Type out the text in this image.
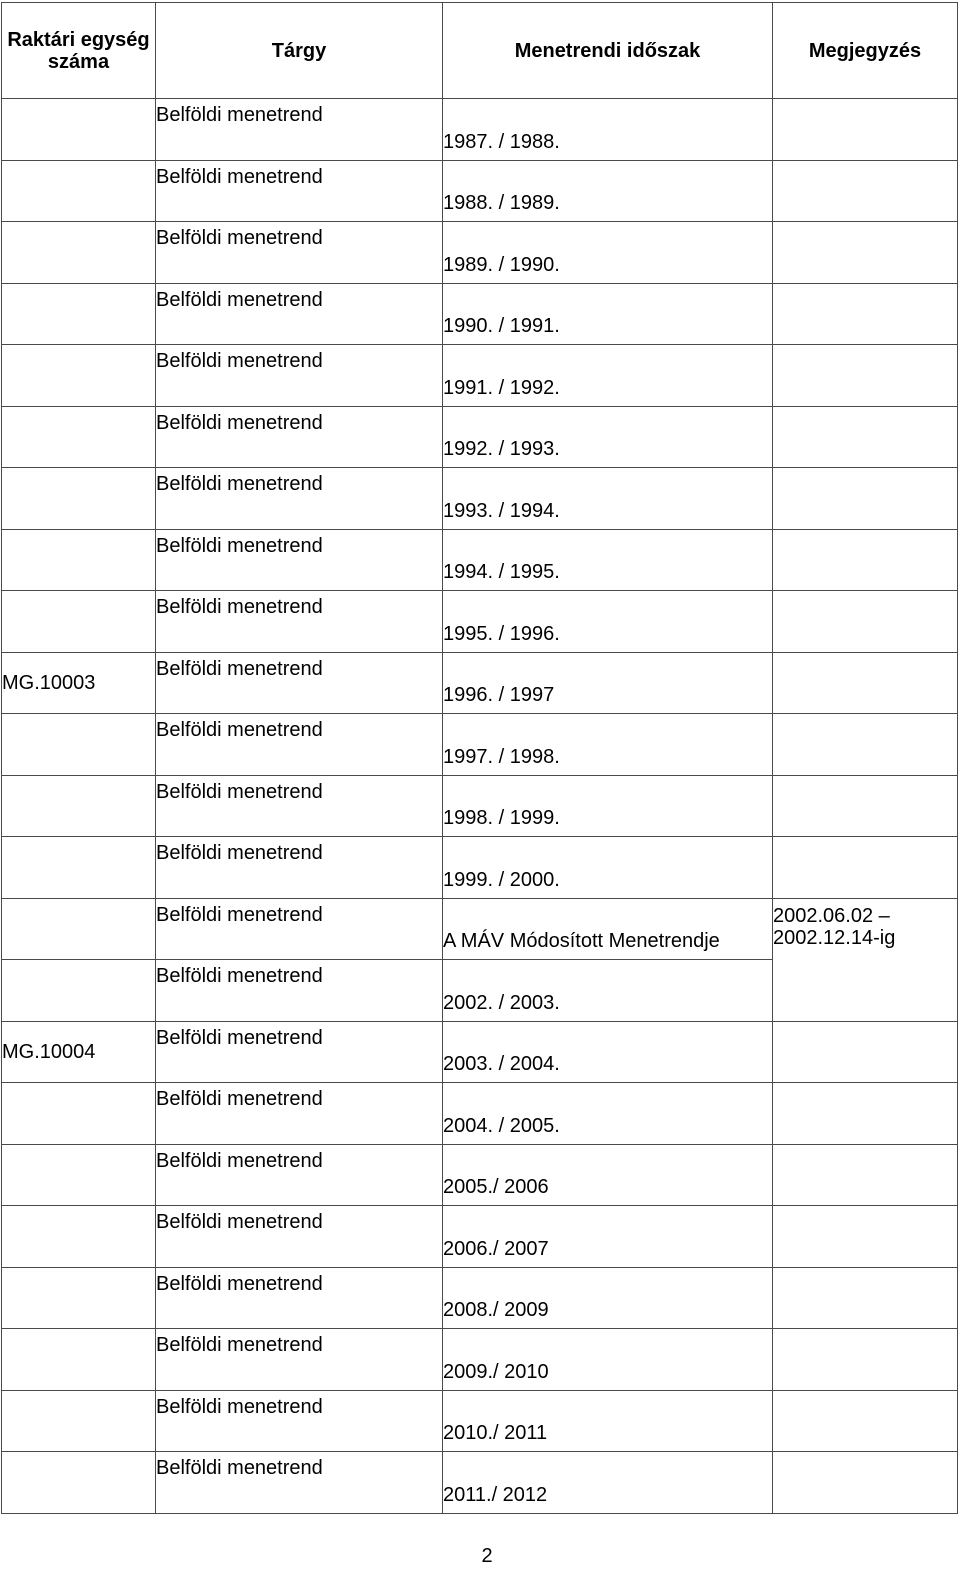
Raktári egység száma	Tárgy	Menetrendi időszak	Megjegyzés

	Belföldi menetrend	1987. / 1988.	

	Belföldi menetrend	1988. / 1989.	

	Belföldi menetrend	1989. / 1990.	

	Belföldi menetrend	1990. / 1991.	

	Belföldi menetrend	1991. / 1992.	

	Belföldi menetrend	1992. / 1993.	

	Belföldi menetrend	1993. / 1994.	

	Belföldi menetrend	1994. / 1995.	

	Belföldi menetrend	1995. / 1996.	

MG.10003	Belföldi menetrend	1996. / 1997	

	Belföldi menetrend	1997. / 1998.	

	Belföldi menetrend	1998. / 1999.	

	Belföldi menetrend	1999. / 2000.	

	Belföldi menetrend	A MÁV Módosított Menetrendje	2002.06.02 –
2002.12.14-ig

	Belföldi menetrend	2002. / 2003.	

MG.10004	Belföldi menetrend	2003. / 2004.	

	Belföldi menetrend	2004. / 2005.	

	Belföldi menetrend	2005./ 2006	

	Belföldi menetrend	2006./ 2007	

	Belföldi menetrend	2008./ 2009	

	Belföldi menetrend	2009./ 2010	

	Belföldi menetrend	2010./ 2011	

	Belföldi menetrend	2011./ 2012	

2
